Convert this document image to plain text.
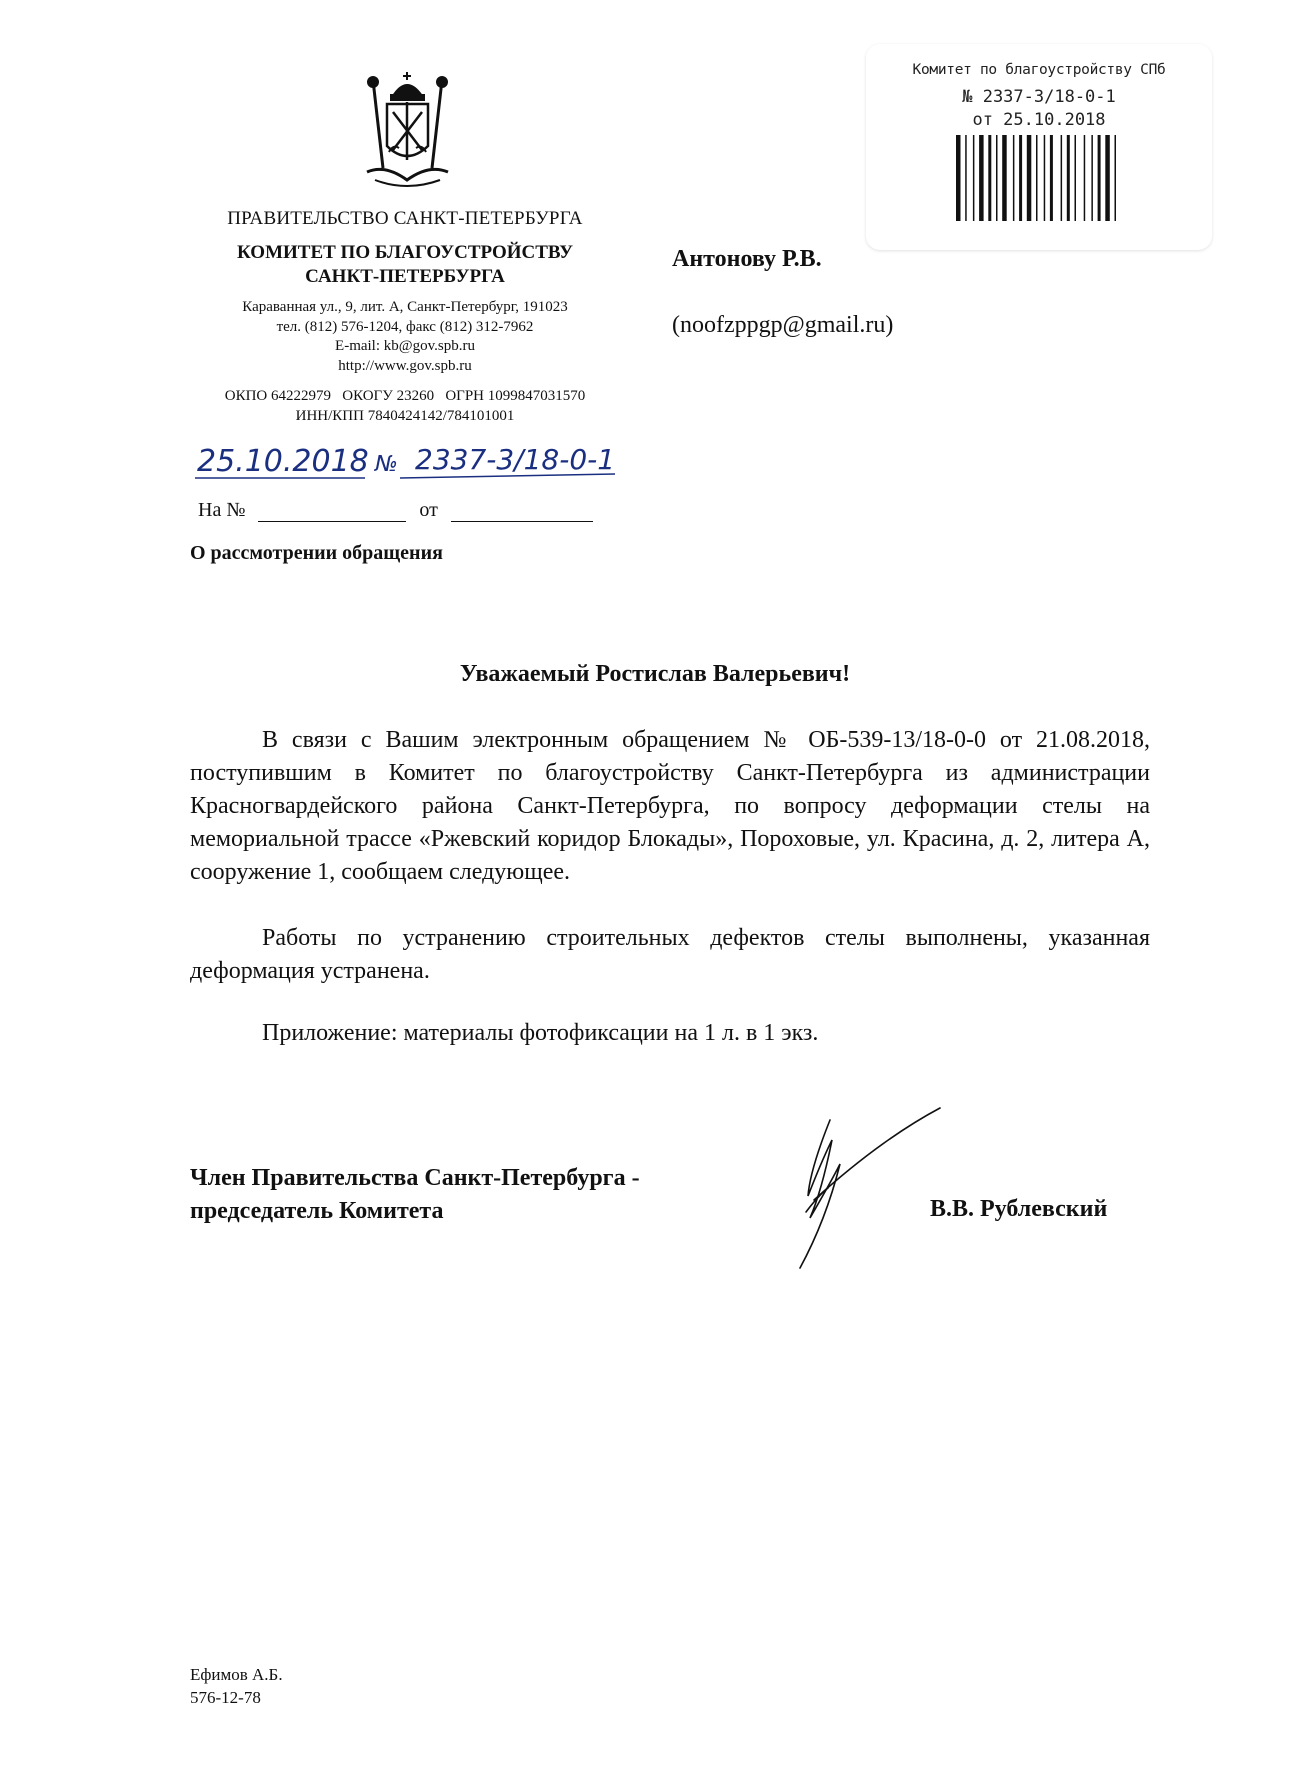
ПРАВИТЕЛЬСТВО САНКТ-ПЕТЕРБУРГА
КОМИТЕТ ПО БЛАГОУСТРОЙСТВУ
САНКТ-ПЕТЕРБУРГА
Караванная ул., 9, лит. А, Санкт-Петербург, 191023
тел. (812) 576-1204, факс (812) 312-7962
E-mail: kb@gov.spb.ru
http://www.gov.spb.ru
ОКПО 64222979   ОКОГУ 23260   ОГРН 1099847031570
ИНН/КПП 7840424142/784101001
25.10.2018 № 2337-3/18-0-1
На №	от
О рассмотрении обращения
Комитет по благоустройству СПб
№ 2337-3/18-0-1
от 25.10.2018
Антонову Р.В.
(noofzppgp@gmail.ru)
Уважаемый Ростислав Валерьевич!
В связи с Вашим электронным обращением № ОБ-539-13/18-0-0 от 21.08.2018, поступившим в Комитет по благоустройству Санкт-Петербурга из администрации Красногвардейского района Санкт-Петербурга, по вопросу деформации стелы на мемориальной трассе «Ржевский коридор Блокады», Пороховые, ул. Красина, д. 2, литера А, сооружение 1, сообщаем следующее.
Работы по устранению строительных дефектов стелы выполнены, указанная деформация устранена.
Приложение: материалы фотофиксации на 1 л. в 1 экз.
Член Правительства Санкт-Петербурга -
председатель Комитета	В.В. Рублевский
Ефимов А.Б.
576-12-78
